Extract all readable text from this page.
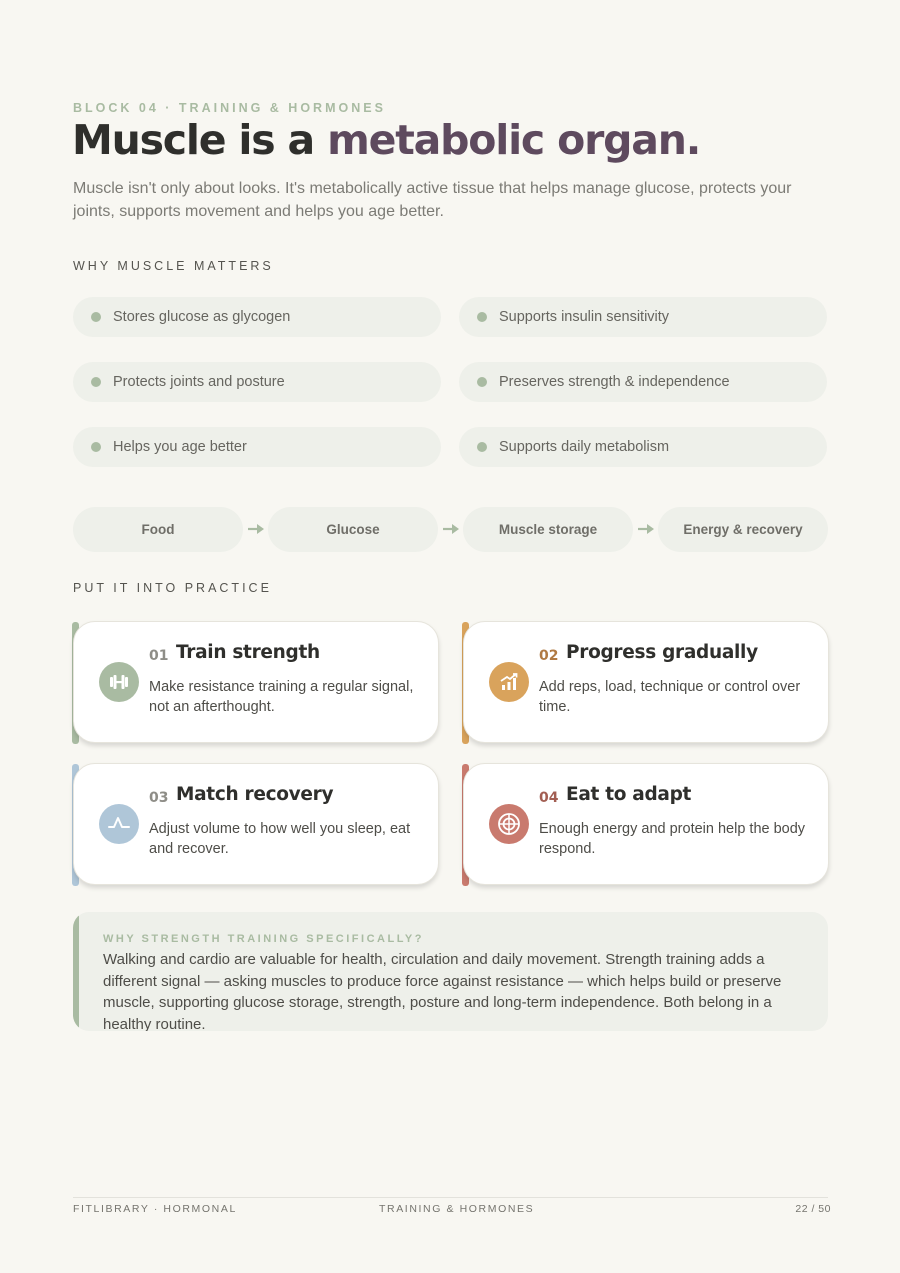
BLOCK 04 · TRAINING & HORMONES
Muscle is a metabolic organ.

Muscle isn't only about looks. It's metabolically active tissue that helps manage glucose, protects your joints, supports movement and helps you age better.

WHY MUSCLE MATTERS
Stores glucose as glycogen	Supports insulin sensitivity
Protects joints and posture	Preserves strength & independence
Helps you age better	Supports daily metabolism
Food	Glucose	Muscle storage	Energy & recovery
PUT IT INTO PRACTICE
01 Train strength
Make resistance training a regular signal, not an afterthought.
02 Progress gradually
Add reps, load, technique or control over time.
03 Match recovery
Adjust volume to how well you sleep, eat and recover.
04 Eat to adapt
Enough energy and protein help the body respond.
WHY STRENGTH TRAINING SPECIFICALLY?

Walking and cardio are valuable for health, circulation and daily movement. Strength training adds a different signal — asking muscles to produce force against resistance — which helps build or preserve muscle, supporting glucose storage, strength, posture and long-term independence. Both belong in a healthy routine.

FITLIBRARY · HORMONAL	TRAINING & HORMONES	22 / 50
